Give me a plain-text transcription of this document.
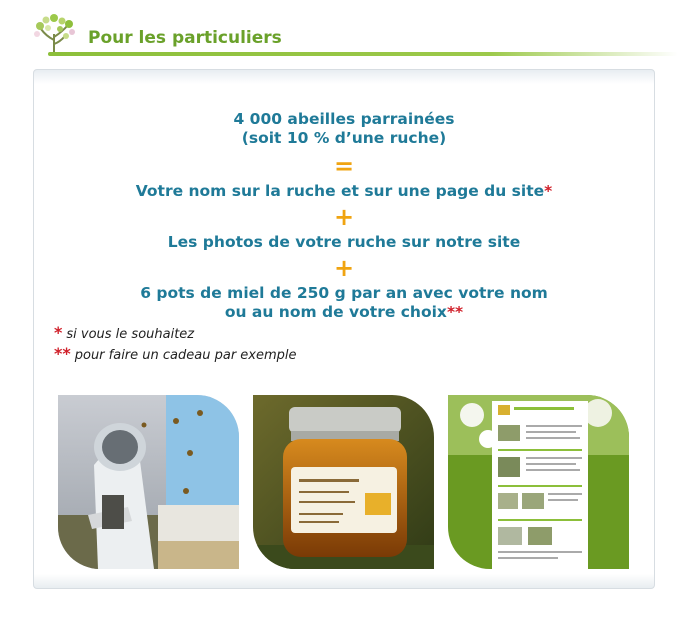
Pour les particuliers
4 000 abeilles parrainées
(soit 10 % d’une ruche)
=
Votre nom sur la ruche et sur une page du site*
+
Les photos de votre ruche sur notre site
+
6 pots de miel de 250 g par an avec votre nom
ou au nom de votre choix**
* si vous le souhaitez
** pour faire un cadeau par exemple
